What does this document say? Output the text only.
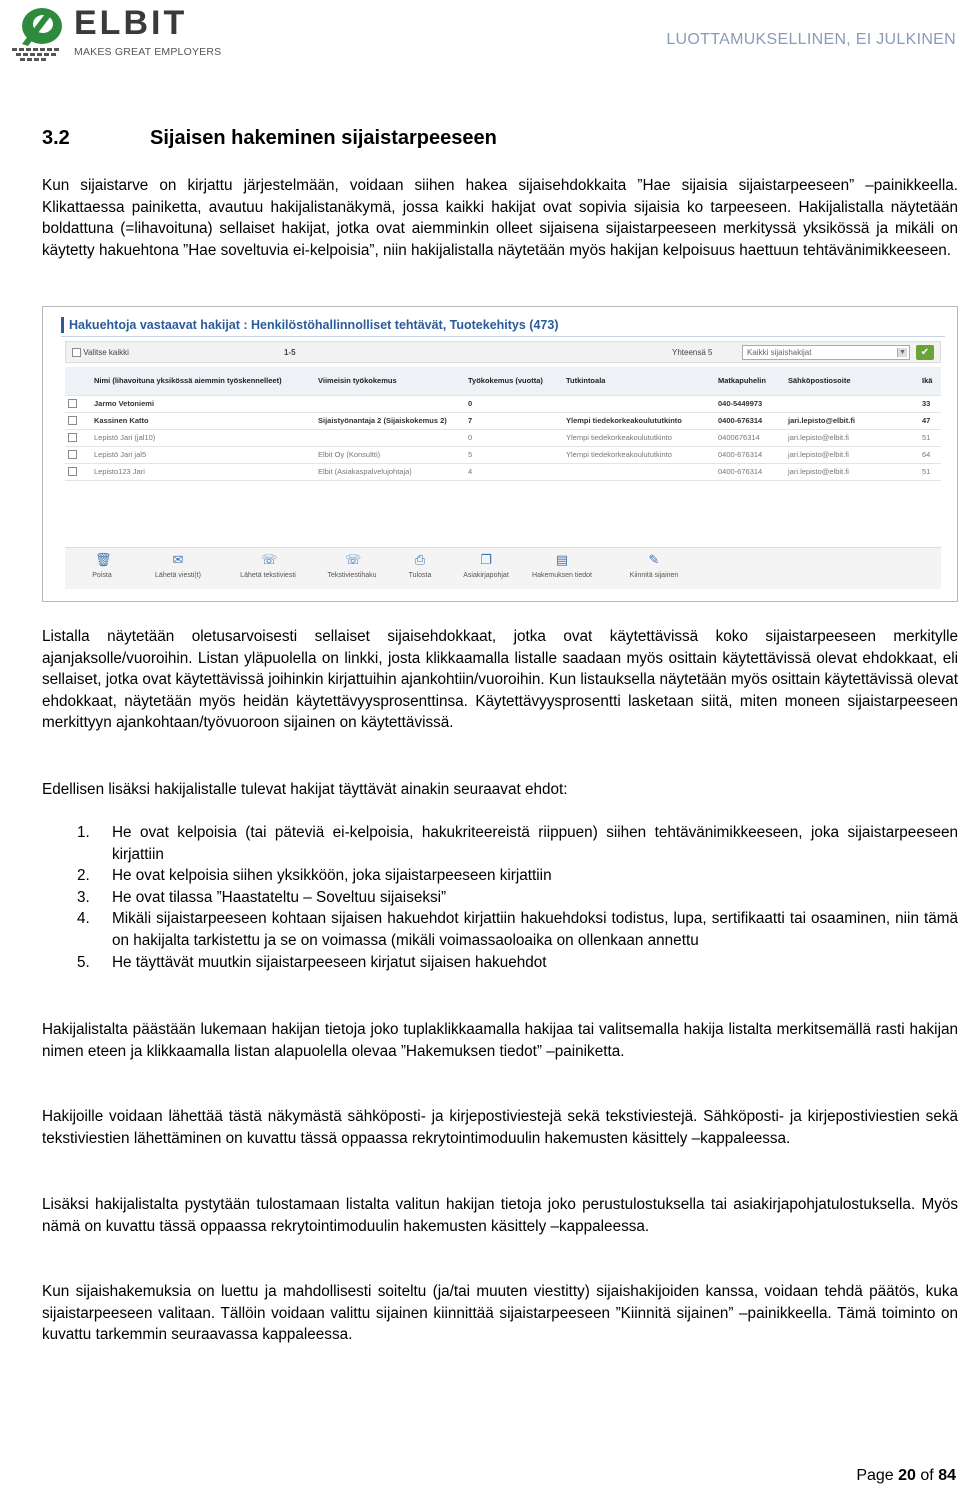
ELBIT
MAKES GREAT EMPLOYERS
LUOTTAMUKSELLINEN, EI JULKINEN
3.2	Sijaisen hakeminen sijaistarpeeseen
Kun sijaistarve on kirjattu järjestelmään, voidaan siihen hakea sijaisehdokkaita ”Hae sijaisia sijaistarpeeseen” –painikkeella. Klikattaessa painiketta, avautuu hakijalistanäkymä, jossa kaikki hakijat ovat sopivia sijaisia ko tarpeeseen. Hakijalistalla näytetään boldattuna (=lihavoituna) sellaiset hakijat, jotka ovat aiemminkin olleet sijaisena sijaistarpeeseen merkityssä yksikössä ja mikäli on käytetty hakuehtona ”Hae soveltuvia ei-kelpoisia”, niin hakijalistalla näytetään myös hakijan kelpoisuus haettuun tehtävänimikkeeseen.
Hakuehtoja vastaavat hakijat : Henkilöstöhallinnolliset tehtävät, Tuotekehitys (473)
Valitse kaikki	1-5	Yhteensä 5	Kaikki sijaishakijat	▼	✔
	Nimi (lihavoituna yksikössä aiemmin työskennelleet)	Viimeisin työkokemus	Työkokemus (vuotta)	Tutkintoala	Matkapuhelin	Sähköpostiosoite	Ikä
	Jarmo Vetoniemi		0		040-5449973		33
	Kassinen Katto	Sijaistyönantaja 2 (Sijaiskokemus 2)	7	Ylempi tiedekorkeakoulututkinto	0400-676314	jari.lepisto@elbit.fi	47
	Lepistö Jari (jal10)		0	Ylempi tiedekorkeakoulututkinto	0400676314	jari.lepisto@elbit.fi	51
	Lepistö Jari jal5	Elbit Oy (Konsultti)	5	Ylempi tiedekorkeakoulututkinto	0400-676314	jari.lepisto@elbit.fi	64
	Lepisto123 Jari	Elbit (Asiakaspalvelujohtaja)	4		0400-676314	jari.lepisto@elbit.fi	51
🗑
Poista
✉
Lähetä viesti(t)
☏
Lähetä tekstiviesti
☏
Tekstiviestihaku
⎙
Tulosta
❐
Asiakirjapohjat
▤
Hakemuksen tiedot
✎
Kiinnitä sijainen
Listalla näytetään oletusarvoisesti sellaiset sijaisehdokkaat, jotka ovat käytettävissä koko sijaistarpeeseen merkitylle ajanjaksolle/vuoroihin. Listan yläpuolella on linkki, josta klikkaamalla listalle saadaan myös osittain käytettävissä olevat ehdokkaat, eli sellaiset, jotka ovat käytettävissä joihinkin kirjattuihin ajankohtiin/vuoroihin. Kun listauksella näytetään myös osittain käytettävissä olevat ehdokkaat, näytetään myös heidän käytettävyysprosenttinsa. Käytettävyysprosentti lasketaan siitä, miten moneen sijaistarpeeseen merkittyyn ajankohtaan/työvuoroon sijainen on käytettävissä.
Edellisen lisäksi hakijalistalle tulevat hakijat täyttävät ainakin seuraavat ehdot:
1.	He ovat kelpoisia (tai päteviä ei-kelpoisia, hakukriteereistä riippuen) siihen tehtävänimikkeeseen, joka sijaistarpeeseen kirjattiin
2.	He ovat kelpoisia siihen yksikköön, joka sijaistarpeeseen kirjattiin
3.	He ovat tilassa ”Haastateltu – Soveltuu sijaiseksi”
4.	Mikäli sijaistarpeeseen kohtaan sijaisen hakuehdot kirjattiin hakuehdoksi todistus, lupa, sertifikaatti tai osaaminen, niin tämä on hakijalta tarkistettu ja se on voimassa (mikäli voimassaoloaika on ollenkaan annettu
5.	He täyttävät muutkin sijaistarpeeseen kirjatut sijaisen hakuehdot
Hakijalistalta päästään lukemaan hakijan tietoja joko tuplaklikkaamalla hakijaa tai valitsemalla hakija listalta merkitsemällä rasti hakijan nimen eteen ja klikkaamalla listan alapuolella olevaa ”Hakemuksen tiedot” –painiketta.
Hakijoille voidaan lähettää tästä näkymästä sähköposti- ja kirjepostiviestejä sekä tekstiviestejä. Sähköposti- ja kirjepostiviestien sekä tekstiviestien lähettäminen on kuvattu tässä oppaassa rekrytointimoduulin hakemusten käsittely –kappaleessa.
Lisäksi hakijalistalta pystytään tulostamaan listalta valitun hakijan tietoja joko perustulostuksella tai asiakirjapohjatulostuksella. Myös nämä on kuvattu tässä oppaassa rekrytointimoduulin hakemusten käsittely –kappaleessa.
Kun sijaishakemuksia on luettu ja mahdollisesti soiteltu (ja/tai muuten viestitty) sijaishakijoiden kanssa, voidaan tehdä päätös, kuka sijaistarpeeseen valitaan. Tällöin voidaan valittu sijainen kiinnittää sijaistarpeeseen ”Kiinnitä sijainen” –painikkeella. Tämä toiminto on kuvattu tarkemmin seuraavassa kappaleessa.
Page 20 of 84
